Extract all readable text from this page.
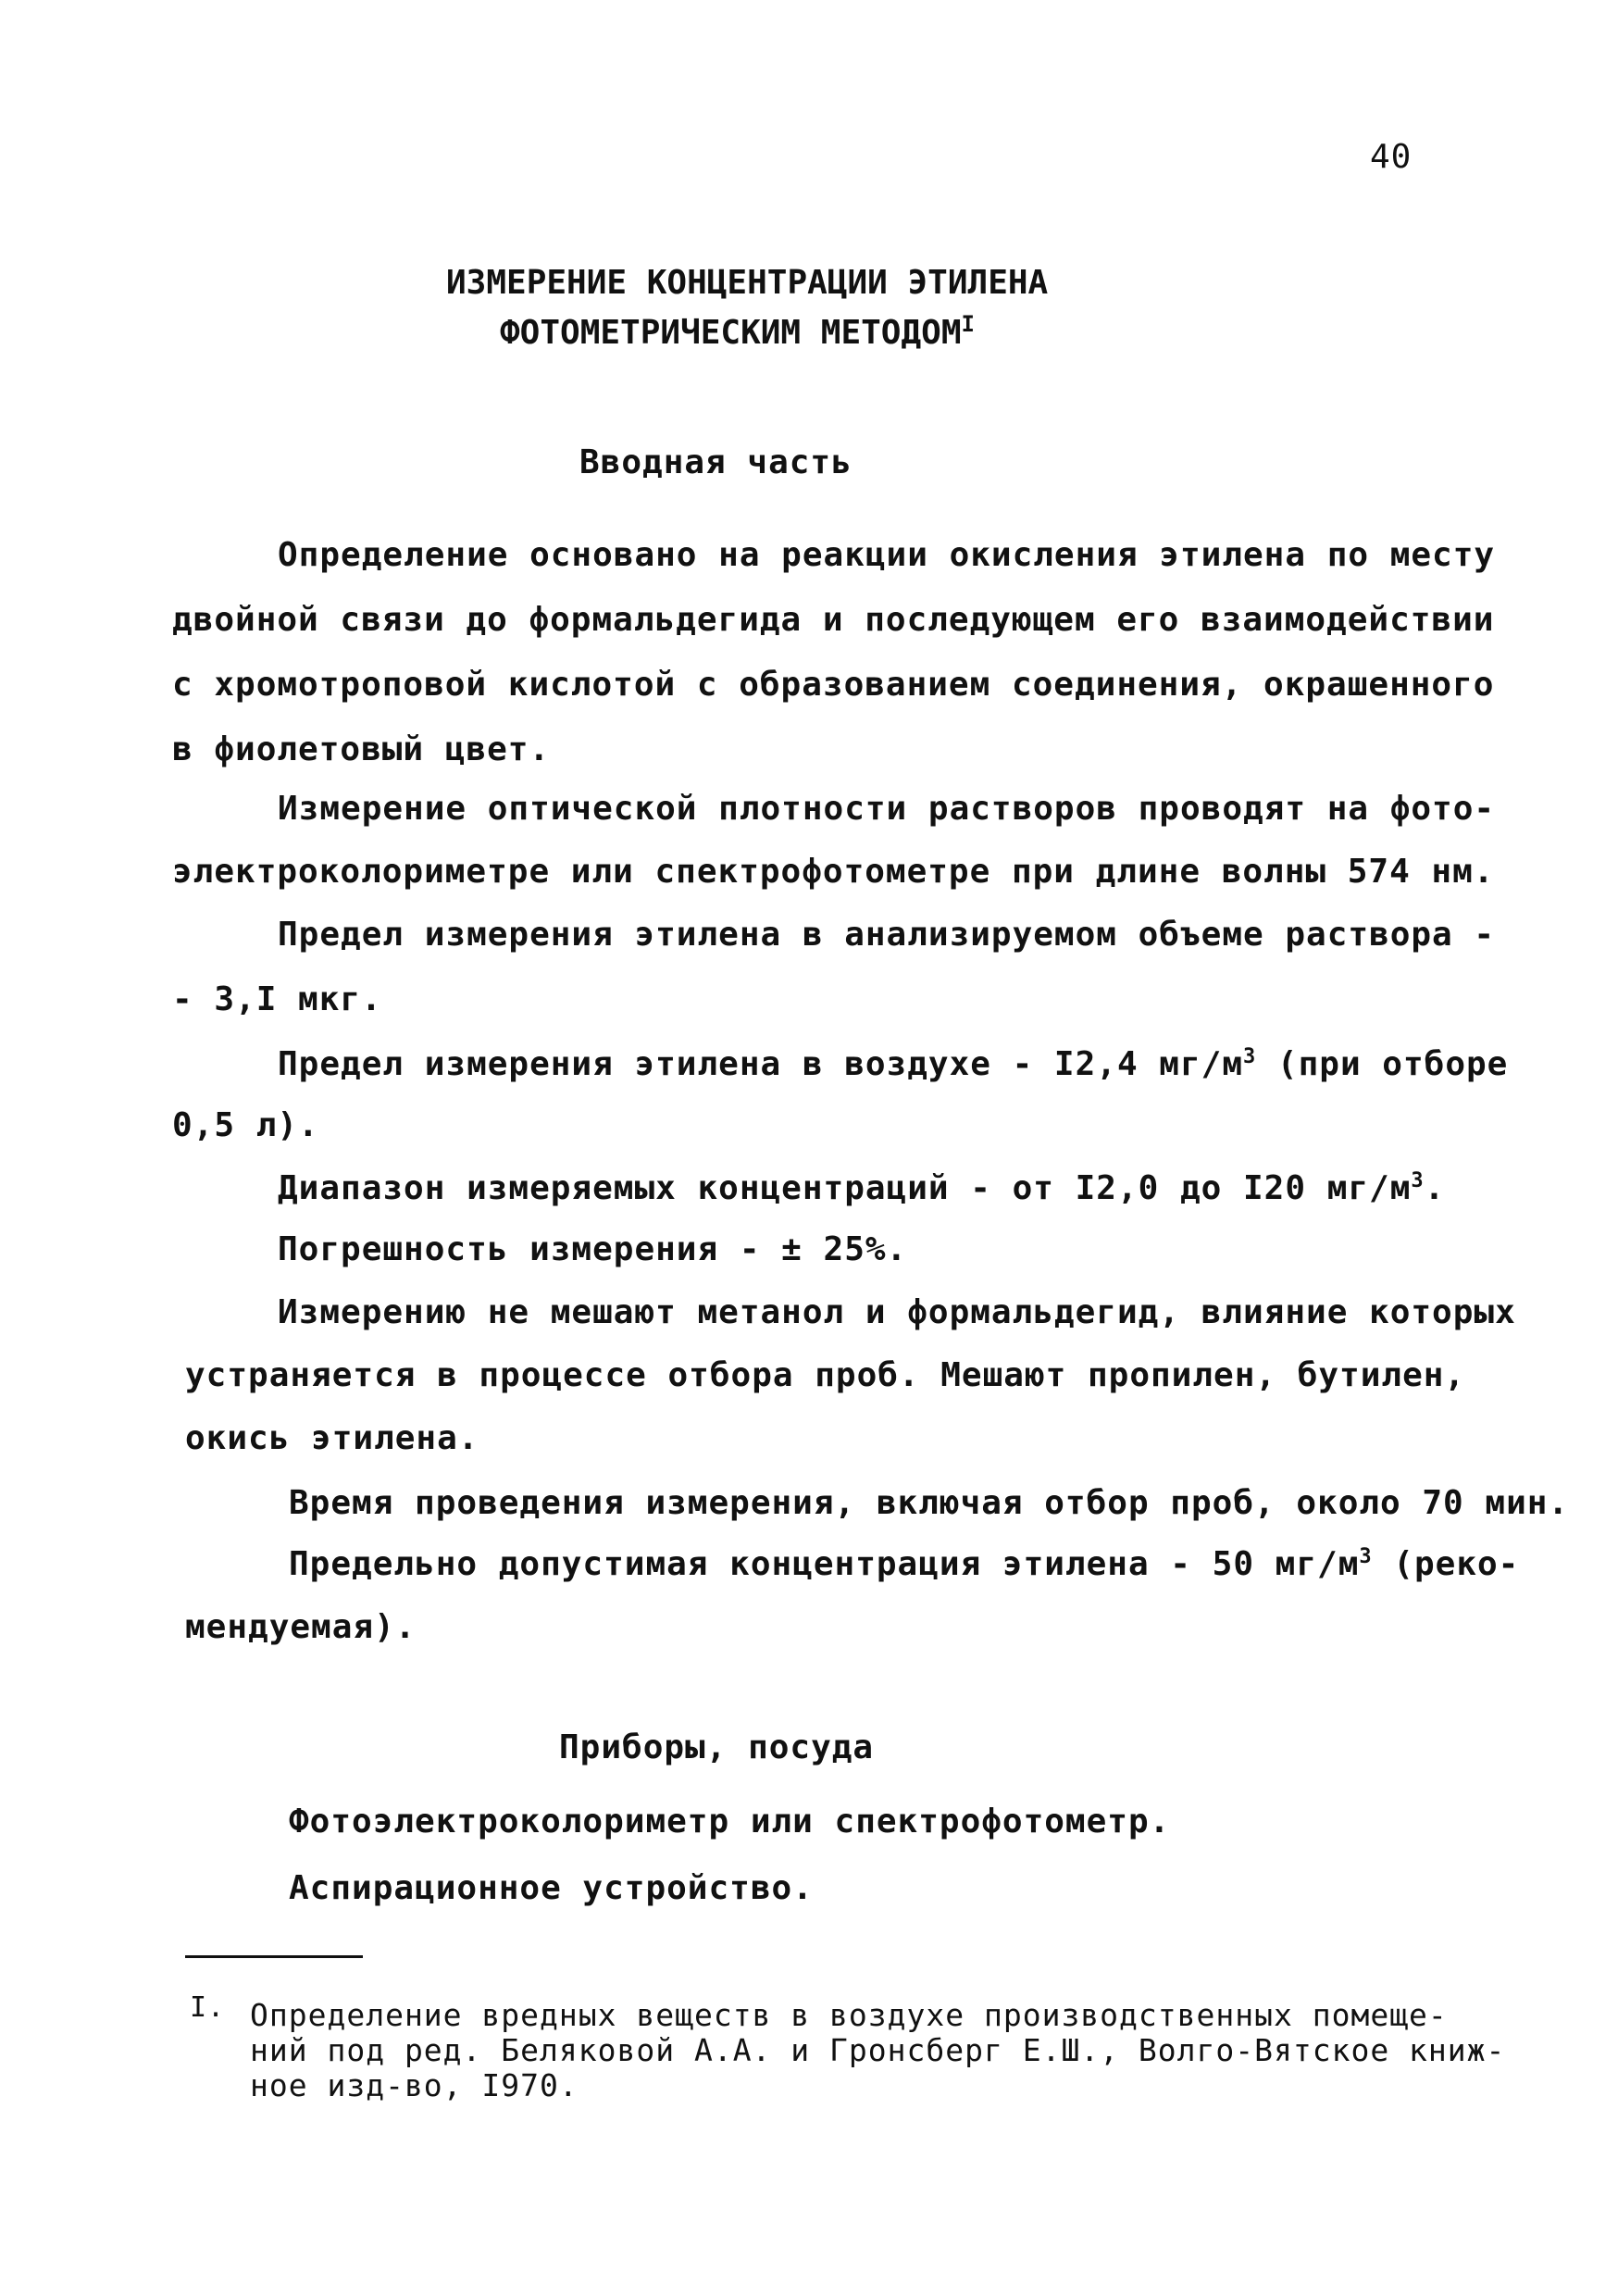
40
ИЗМЕРЕНИЕ КОНЦЕНТРАЦИИ ЭТИЛЕНА
ФОТОМЕТРИЧЕСКИМ $МЕТОДОМ^I$
Вводная часть
Определение основано на реакции окисления этилена по месту
двойной связи до формальдегида и последующем его взаимодействии
с хромотроповой кислотой с образованием соединения, окрашенного
в фиолетовый цвет.
Измерение оптической плотности растворов проводят на фото-
электроколориметре или спектрофотометре при длине волны 574 нм.
Предел измерения этилена в анализируемом объеме раствора -
- 3,I мкг.
Предел измерения этилена в воздухе - I2,4 $мг/м^3$ (при отборе
0,5 л).
Диапазон измеряемых концентраций - от I2,0 до I20 $мг/м^3$.
Погрешность измерения - ± 25%.
Измерению не мешают метанол и формальдегид, влияние которых
устраняется в процессе отбора проб. Мешают пропилен, бутилен,
окись этилена.
Время проведения измерения, включая отбор проб, около 70 мин.
Предельно допустимая концентрация этилена - 50 $мг/м^3$ (реко-
мендуемая).
Приборы, посуда
Фотоэлектроколориметр или спектрофотометр.
Аспирационное устройство.
I. Определение вредных веществ в воздухе производственных помеще-
ний под ред. Беляковой А.А. и Гронсберг Е.Ш., Волго-Вятское книж-
ное изд-во, I970.
